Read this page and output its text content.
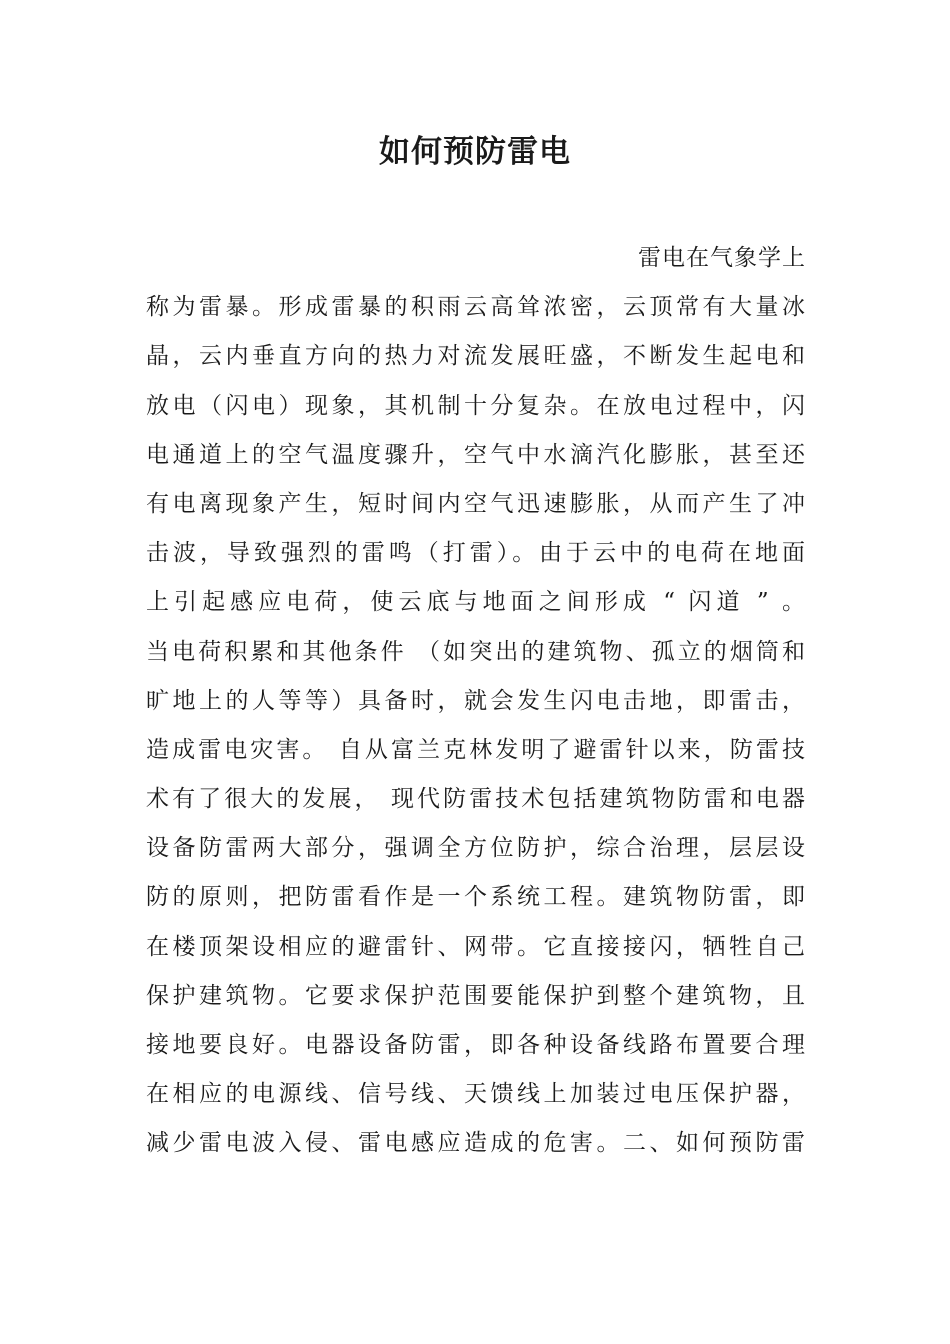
如何预防雷电
雷电在气象学上
称为雷暴。形成雷暴的积雨云高耸浓密，云顶常有大量冰
晶，云内垂直方向的热力对流发展旺盛，不断发生起电和
放电（闪电）现象，其机制十分复杂。在放电过程中，闪
电通道上的空气温度骤升，空气中水滴汽化膨胀，甚至还
有电离现象产生，短时间内空气迅速膨胀，从而产生了冲
击波，导致强烈的雷鸣（打雷）。由于云中的电荷在地面
上引起感应电荷，使云底与地面之间形成 “ 闪道 ” 。
当电荷积累和其他条件 （如突出的建筑物、孤立的烟筒和
旷地上的人等等）具备时，就会发生闪电击地，即雷击，
造成雷电灾害。 自从富兰克林发明了避雷针以来，防雷技
术有了很大的发展， 现代防雷技术包括建筑物防雷和电器
设备防雷两大部分，强调全方位防护，综合治理，层层设
防的原则，把防雷看作是一个系统工程。建筑物防雷，即
在楼顶架设相应的避雷针、网带。它直接接闪，牺牲自己
保护建筑物。它要求保护范围要能保护到整个建筑物，且
接地要良好。电器设备防雷，即各种设备线路布置要合理
在相应的电源线、信号线、天馈线上加装过电压保护器，
减少雷电波入侵、雷电感应造成的危害。二、如何预防雷
